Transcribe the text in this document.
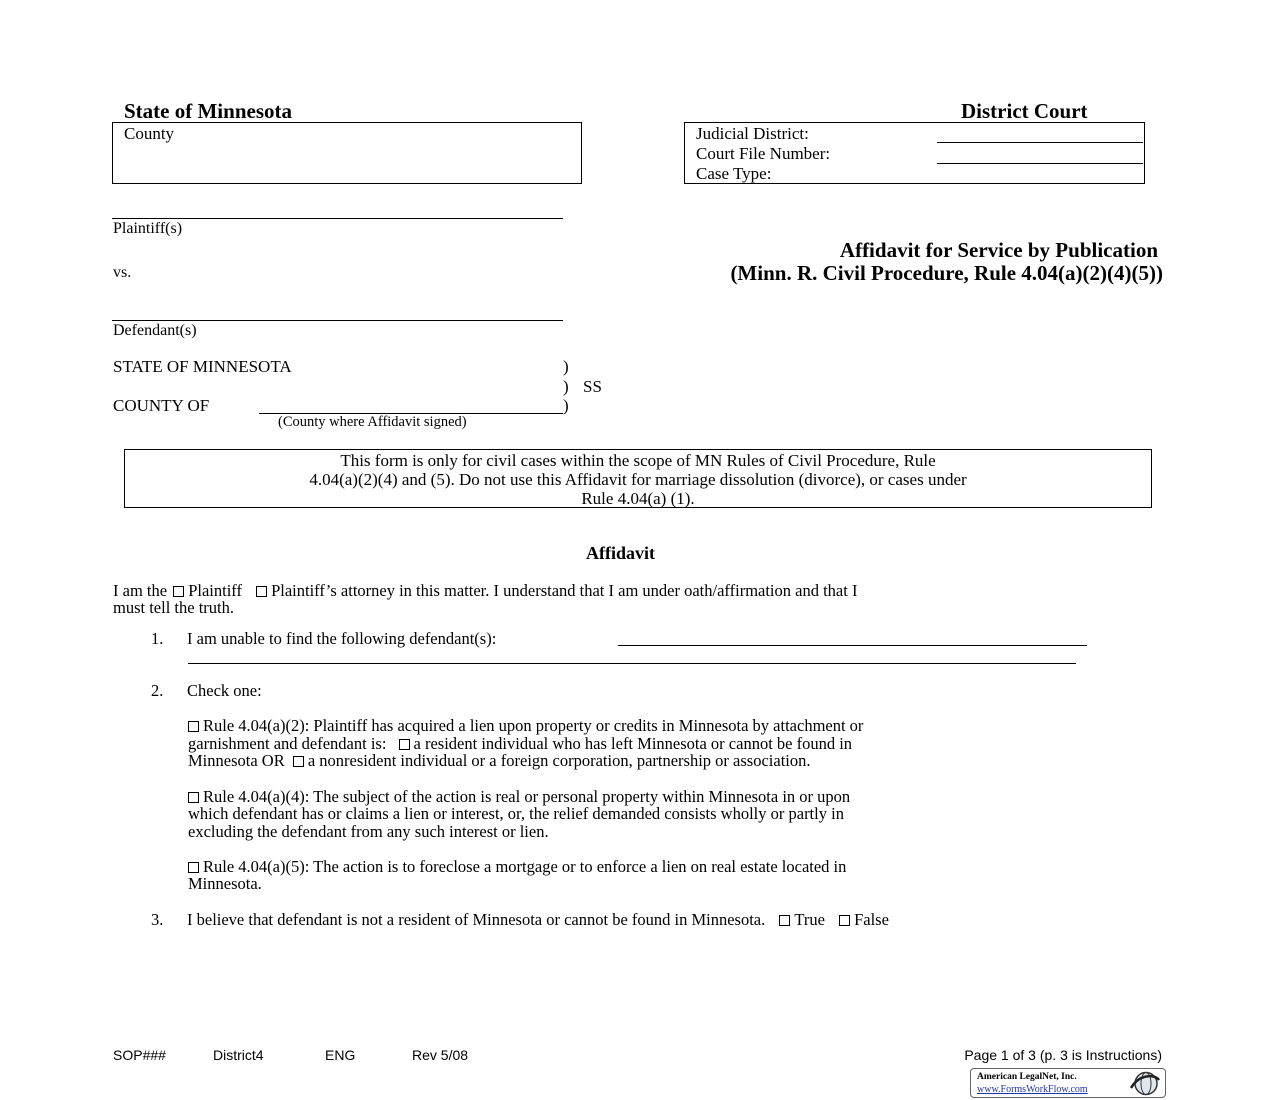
State of Minnesota	District Court
County	Judicial District:
Court File Number:
Case Type:
Plaintiff(s)
vs.
Defendant(s)
Affidavit for Service by Publication
(Minn. R. Civil Procedure, Rule 4.04(a)(2)(4)(5))
STATE OF MINNESOTA	)
) SS
COUNTY OF	)
(County where Affidavit signed)
This form is only for civil cases within the scope of MN Rules of Civil Procedure, Rule
4.04(a)(2)(4) and (5). Do not use this Affidavit for marriage dissolution (divorce), or cases under
Rule 4.04(a) (1).
Affidavit
I am the Plaintiff Plaintiff’s attorney in this matter. I understand that I am under oath/affirmation and that I
must tell the truth.
1. I am unable to find the following defendant(s):
2. Check one:
Rule 4.04(a)(2): Plaintiff has acquired a lien upon property or credits in Minnesota by attachment or
garnishment and defendant is: a resident individual who has left Minnesota or cannot be found in
Minnesota OR a nonresident individual or a foreign corporation, partnership or association.
Rule 4.04(a)(4): The subject of the action is real or personal property within Minnesota in or upon
which defendant has or claims a lien or interest, or, the relief demanded consists wholly or partly in
excluding the defendant from any such interest or lien.
Rule 4.04(a)(5): The action is to foreclose a mortgage or to enforce a lien on real estate located in
Minnesota.
3. I believe that defendant is not a resident of Minnesota or cannot be found in Minnesota. True False
SOP###	District4	ENG	Rev 5/08	Page 1 of 3 (p. 3 is Instructions)
American LegalNet, Inc.
www.FormsWorkFlow.com
